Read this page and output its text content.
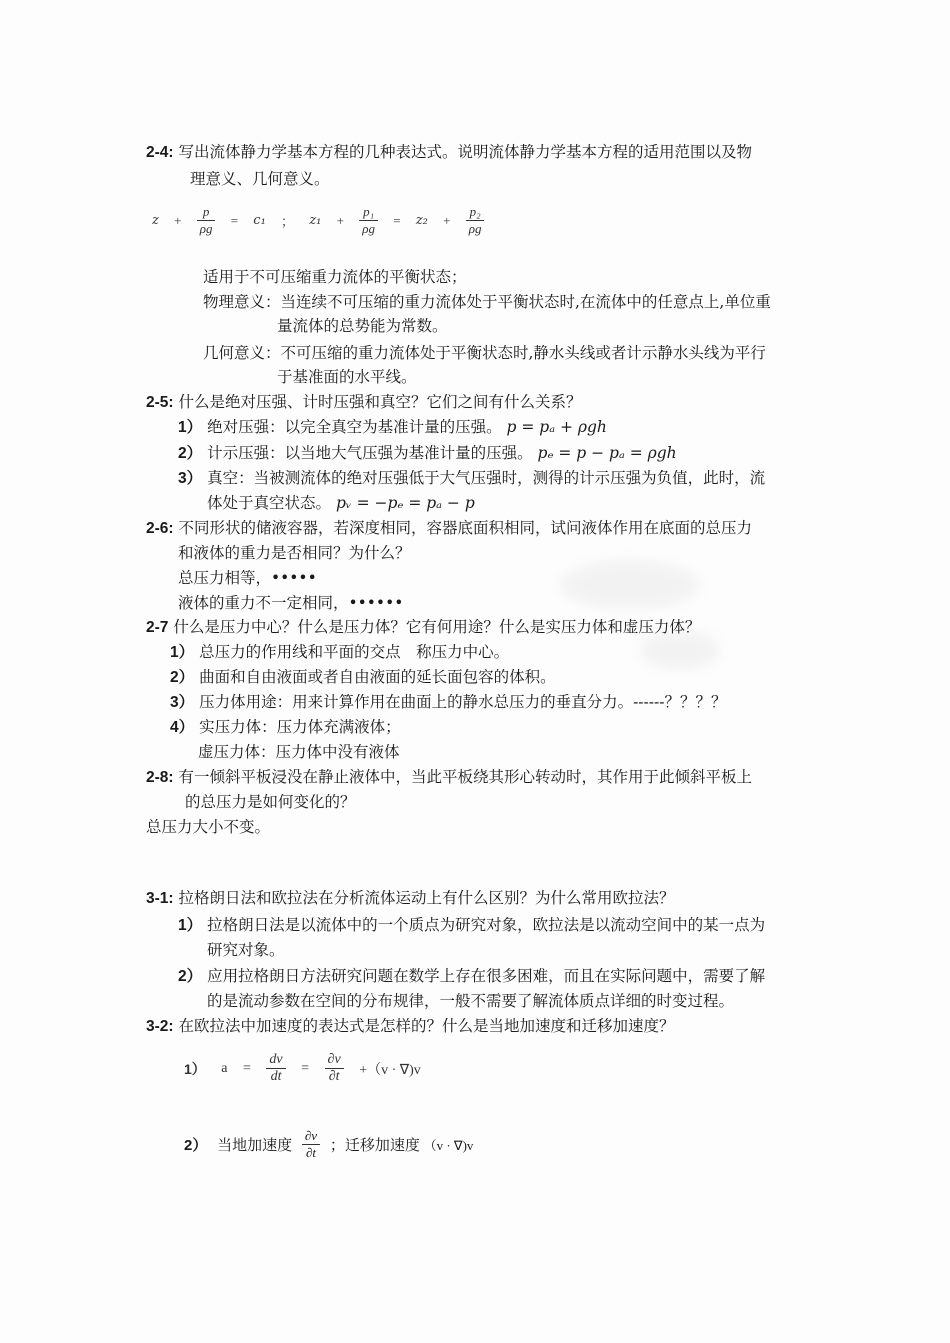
2-4: 写出流体静力学基本方程的几种表达式。说明流体静力学基本方程的适用范围以及物
理意义、几何意义。
$z + \frac{p}{\rho g} = c_1$ ； $z_1 + \frac{\text{p₁}}{\rho g} = z_2 + \frac{\text{p₂}}{\rho g}$
适用于不可压缩重力流体的平衡状态；
物理意义：当连续不可压缩的重力流体处于平衡状态时,在流体中的任意点上,单位重
量流体的总势能为常数。
几何意义：不可压缩的重力流体处于平衡状态时,静水头线或者计示静水头线为平行
于基准面的水平线。
2-5: 什么是绝对压强、计时压强和真空？它们之间有什么关系？
1） 绝对压强：以完全真空为基准计量的压强。 p = pₐ + ρgh
2） 计示压强：以当地大气压强为基准计量的压强。 pₑ = p − pₐ = ρgh
3） 真空：当被测流体的绝对压强低于大气压强时，测得的计示压强为负值，此时，流
体处于真空状态。 pᵥ = −pₑ = pₐ − p
2-6: 不同形状的储液容器，若深度相同，容器底面积相同，试问液体作用在底面的总压力
和液体的重力是否相同？为什么？
总压力相等，•••••
液体的重力不一定相同，••••••
2-7 什么是压力中心？什么是压力体？它有何用途？什么是实压力体和虚压力体？
1） 总压力的作用线和平面的交点　称压力中心。
2） 曲面和自由液面或者自由液面的延长面包容的体积。
3） 压力体用途：用来计算作用在曲面上的静水总压力的垂直分力。------？？？？
4） 实压力体：压力体充满液体；
虚压力体：压力体中没有液体
2-8: 有一倾斜平板浸没在静止液体中，当此平板绕其形心转动时，其作用于此倾斜平板上
的总压力是如何变化的？
总压力大小不变。
3-1: 拉格朗日法和欧拉法在分析流体运动上有什么区别？为什么常用欧拉法？
1） 拉格朗日法是以流体中的一个质点为研究对象，欧拉法是以流动空间中的某一点为
研究对象。
2） 应用拉格朗日方法研究问题在数学上存在很多困难，而且在实际问题中，需要了解
的是流动参数在空间的分布规律，一般不需要了解流体质点详细的时变过程。
3-2: 在欧拉法中加速度的表达式是怎样的？什么是当地加速度和迁移加速度？
1） $a = \frac{dv}{dt} = \frac{\partial v}{\partial t} +(v \cdot \nabla)v$
2） 当地加速度 $\frac{\partial v}{\partial t}$ ；迁移加速度 （v · ∇)v
